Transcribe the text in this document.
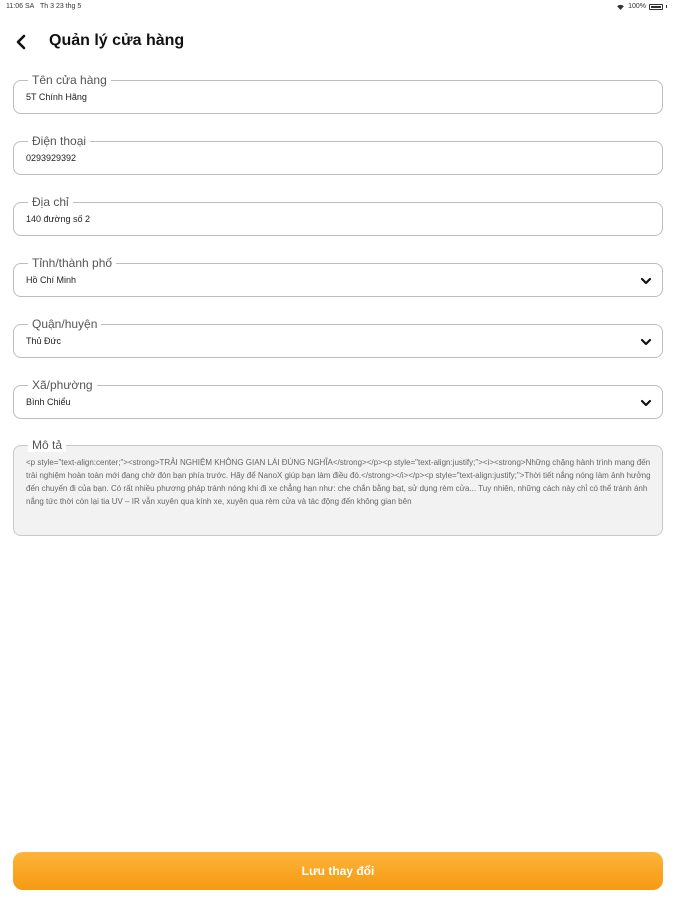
11:06 SA Th 3 23 thg 5	100%
Quản lý cửa hàng
Tên cửa hàng
5T Chính Hãng
Điện thoại
0293929392
Địa chỉ
140 đường số 2
Tỉnh/thành phố
Hồ Chí Minh
Quận/huyện
Thủ Đức
Xã/phường
Bình Chiểu
Mô tả
<p style="text-align:center;"><strong>TRẢI NGHIỆM KHÔNG GIAN LÁI ĐÚNG NGHĨA</strong></p><p style="text-align:justify;"><i><strong>Những chặng hành trình mang đến trải nghiệm hoàn toàn mới đang chờ đón bạn phía trước. Hãy để NanoX giúp bạn làm điều đó.</strong></i></p><p style="text-align:justify;">Thời tiết nắng nóng làm ảnh hưởng đến chuyến đi của bạn. Có rất nhiều phương pháp tránh nóng khi đi xe chẳng hạn như: che chắn bằng bạt, sử dụng rèm cửa... Tuy nhiên, những cách này chỉ có thể tránh ánh nắng tức thời còn lại tia UV – IR vẫn xuyên qua kính xe, xuyên qua rèm cửa và tác động đến không gian bên
Lưu thay đổi
